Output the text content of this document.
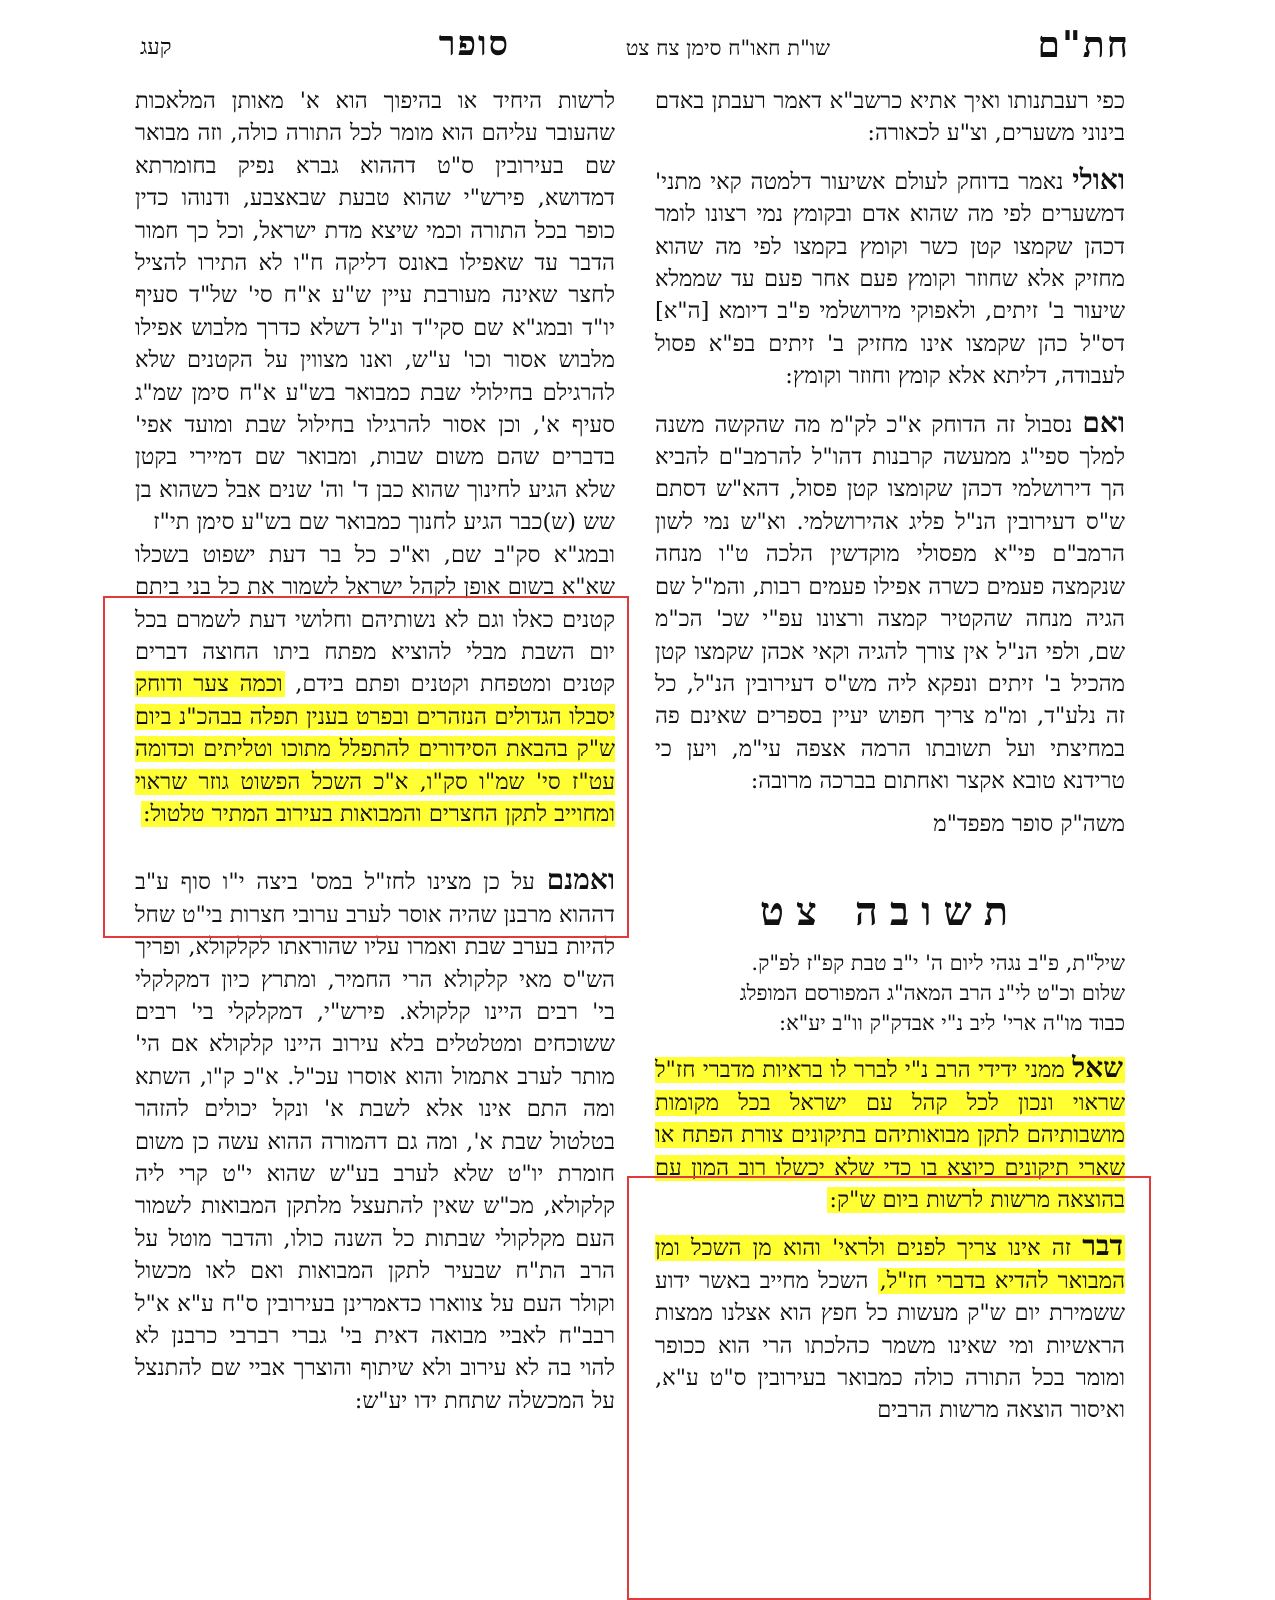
חת"ם
שו"ת חאו"ח סימן צח צט
סופר
קעג

כפי רעבתנותו ואיך אתיא כרשב"א דאמר רעבתן באדם בינוני משערים, וצ"ע לכאורה:

ואולי נאמר בדוחק לעולם אשיעור דלמטה קאי מתני' דמשערים לפי מה שהוא אדם ובקומץ נמי רצונו לומר דכהן שקמצו קטן כשר וקומץ בקמצו לפי מה שהוא מחזיק אלא שחוזר וקומץ פעם אחר פעם עד שממלא שיעור ב' זיתים, ולאפוקי מירושלמי פ"ב דיומא [ה"א] דס"ל כהן שקמצו אינו מחזיק ב' זיתים בפ"א פסול לעבודה, דליתא אלא קומץ וחוזר וקומץ:

ואם נסבול זה הדוחק א"כ לק"מ מה שהקשה משנה למלך ספי"ג ממעשה קרבנות דהו"ל להרמב"ם להביא הך דירושלמי דכהן שקומצו קטן פסול, דהא"ש דסתם ש"ס דעירובין הנ"ל פליג אהירושלמי. וא"ש נמי לשון הרמב"ם פי"א מפסולי מוקדשין הלכה ט"ו מנחה שנקמצה פעמים כשרה אפילו פעמים רבות, והמ"ל שם הגיה מנחה שהקטיר קמצה ורצונו עפ"י שכ' הכ"מ שם, ולפי הנ"ל אין צורך להגיה וקאי אכהן שקמצו קטן מהכיל ב' זיתים ונפקא ליה מש"ס דעירובין הנ"ל, כל זה נלע"ד, ומ"מ צריך חפוש יעיין בספרים שאינם פה במחיצתי ועל תשובתו הרמה אצפה עי"מ, ויען כי טרידנא טובא אקצר ואחתום בברכה מרובה:

משה"ק סופר מפפד"מ

תשובה צט

שיל"ת, פ"ב נגהי ליום ה' י"ב טבת קפ"ז לפ"ק.

שלום וכ"ט לי"נ הרב המאה"ג המפורסם המופלג

כבוד מו"ה ארי' ליב נ"י אבדק"ק וו"ב יע"א:

שאל ממני ידידי הרב נ"י לברר לו בראיות מדברי חז"ל שראוי ונכון לכל קהל עם ישראל בכל מקומות מושבותיהם לתקן מבואותיהם בתיקונים צורת הפתח או שארי תיקונים כיוצא בו כדי שלא יכשלו רוב המון עם בהוצאה מרשות לרשות ביום ש"ק:

דבר זה אינו צריך לפנים ולראי' והוא מן השכל ומן המבואר להדיא בדברי חז"ל, השכל מחייב באשר ידוע ששמירת יום ש"ק מעשות כל חפץ הוא אצלנו ממצות הראשיות ומי שאינו משמר כהלכתו הרי הוא ככופר ומומר בכל התורה כולה כמבואר בעירובין ס"ט ע"א, ואיסור הוצאה מרשות הרבים

לרשות היחיד או בהיפוך הוא א' מאותן המלאכות שהעובר עליהם הוא מומר לכל התורה כולה, וזה מבואר שם בעירובין ס"ט דההוא גברא נפיק בחומרתא דמדושא, פירש"י שהוא טבעת שבאצבע, ודנוהו כדין כופר בכל התורה וכמי שיצא מדת ישראל, וכל כך חמור הדבר עד שאפילו באונס דליקה ח"ו לא התירו להציל לחצר שאינה מעורבת עיין ש"ע א"ח סי' של"ד סעיף יו"ד ובמג"א שם סקי"ד ונ"ל דשלא כדרך מלבוש אפילו מלבוש אסור וכו' ע"ש, ואנו מצווין על הקטנים שלא להרגילם בחילולי שבת כמבואר בש"ע א"ח סימן שמ"ג סעיף א', וכן אסור להרגילו בחילול שבת ומועד אפי' בדברים שהם משום שבות, ומבואר שם דמיירי בקטן שלא הגיע לחינוך שהוא כבן ד' וה' שנים אבל כשהוא בן שש (ש)כבר הגיע לחנוך כמבואר שם בש"ע סימן תי"ז

ובמג"א סק"ב שם, וא"כ כל בר דעת ישפוט בשכלו שא"א בשום אופן לקהל ישראל לשמור את כל בני ביתם קטנים כאלו וגם לא נשותיהם וחלושי דעת לשמרם בכל יום השבת מבלי להוציא מפתח ביתו החוצה דברים קטנים ומטפחת וקטנים ופתם בידם, וכמה צער ודוחק יסבלו הגדולים הנזהרים ובפרט בענין תפלה בבהכ"נ ביום ש"ק בהבאת הסידורים להתפלל מתוכו וטליתים וכדומה עט"ז סי' שמ"ו סק"ו, א"כ השכל הפשוט גוזר שראוי ומחוייב לתקן החצרים והמבואות בעירוב המתיר טלטול:

ואמנם על כן מצינו לחז"ל במס' ביצה י"ו סוף ע"ב דההוא מרבנן שהיה אוסר לערב ערובי חצרות בי"ט שחל להיות בערב שבת ואמרו עליו שהוראתו לקלקולא, ופריך הש"ס מאי קלקולא הרי החמיר, ומתרץ כיון דמקלקלי בי' רבים היינו קלקולא. פירש"י, דמקלקלי בי' רבים ששוכחים ומטלטלים בלא עירוב היינו קלקולא אם הי' מותר לערב אתמול והוא אוסרו עכ"ל. א"כ ק"ו, השתא ומה התם אינו אלא לשבת א' ונקל יכולים להזהר בטלטול שבת א', ומה גם דהמורה ההוא עשה כן משום חומרת יו"ט שלא לערב בע"ש שהוא י"ט קרי ליה קלקולא, מכ"ש שאין להתעצל מלתקן המבואות לשמור העם מקלקולי שבתות כל השנה כולו, והדבר מוטל על הרב הת"ח שבעיר לתקן המבואות ואם לאו מכשול וקולר העם על צווארו כדאמרינן בעירובין ס"ח ע"א א"ל רבב"ח לאביי מבואה דאית בי' גברי רברבי כרבנן לא להוי בה לא עירוב ולא שיתוף והוצרך אביי שם להתנצל על המכשלה שתחת ידו יע"ש:
